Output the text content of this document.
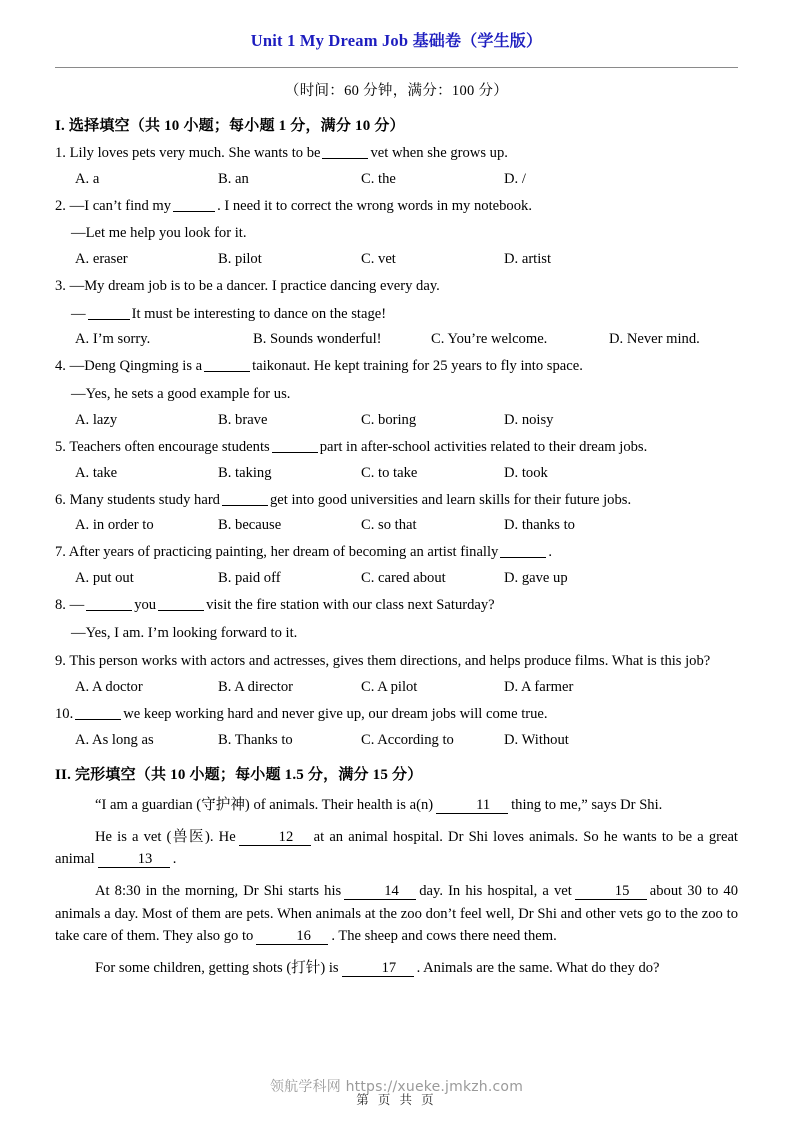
Unit 1 My Dream Job 基础卷（学生版）
（时间：60 分钟，满分：100 分）
I. 选择填空（共 10 小题；每小题 1 分，满分 10 分）
1. Lily loves pets very much. She wants to be	vet when she grows up.
A. a	B. an	C. the	D. /
2. —I can’t find my	. I need it to correct the wrong words in my notebook.
—Let me help you look for it.
A. eraser	B. pilot	C. vet	D. artist
3. —My dream job is to be a dancer. I practice dancing every day.
—	It must be interesting to dance on the stage!
A. I’m sorry.	B. Sounds wonderful!	C. You’re welcome.	D. Never mind.
4. —Deng Qingming is a	taikonaut. He kept training for 25 years to fly into space.
—Yes, he sets a good example for us.
A. lazy	B. brave	C. boring	D. noisy
5. Teachers often encourage students	part in after-school activities related to their dream jobs.
A. take	B. taking	C. to take	D. took
6. Many students study hard	get into good universities and learn skills for their future jobs.
A. in order to	B. because	C. so that	D. thanks to
7. After years of practicing painting, her dream of becoming an artist finally	.
A. put out	B. paid off	C. cared about	D. gave up
8. —	you	visit the fire station with our class next Saturday?
—Yes, I am. I’m looking forward to it.
9. This person works with actors and actresses, gives them directions, and helps produce films. What is this job?
A. A doctor	B. A director	C. A pilot	D. A farmer
10.	we keep working hard and never give up, our dream jobs will come true.
A. As long as	B. Thanks to	C. According to	D. Without
II. 完形填空（共 10 小题；每小题 1.5 分，满分 15 分）
“I am a guardian (守护神) of animals. Their health is a(n)	11 thing to me,” says Dr Shi.
He is a vet (兽医). He	12 at an animal hospital. Dr Shi loves animals. So he wants to be a great animal	13 .
At 8:30 in the morning, Dr Shi starts his	14 day. In his hospital, a vet	15 about 30 to 40 animals a day. Most of them are pets. When animals at the zoo don’t feel well, Dr Shi and other vets go to the zoo to take care of them. They also go to	16 . The sheep and cows there need them.
For some children, getting shots (打针) is	17 . Animals are the same. What do they do?
领航学科网 https://xueke.jmkzh.com
第 页 共 页
